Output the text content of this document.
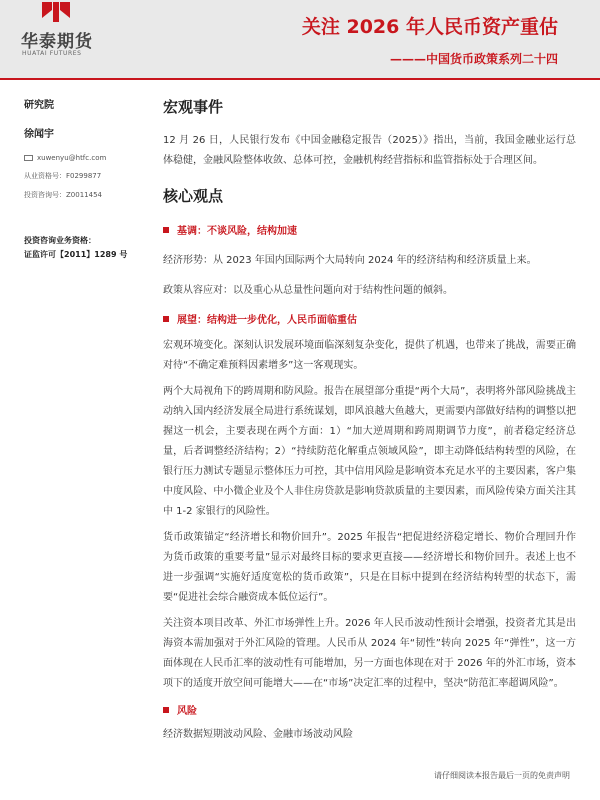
华泰期货
HUATAI FUTURES
关注 2026 年人民币资产重估
———中国货币政策系列二十四
研究院
徐闻宇
xuwenyu@htfc.com
从业资格号：F0299877
投资咨询号：Z0011454
投资咨询业务资格：
证监许可【2011】1289 号
宏观事件
12 月 26 日，人民银行发布《中国金融稳定报告（2025）》指出，当前，我国金融业运行总体稳健，金融风险整体收敛、总体可控，金融机构经营指标和监管指标处于合理区间。
核心观点
基调：不谈风险，结构加速
经济形势：从 2023 年国内国际两个大局转向 2024 年的经济结构和经济质量上来。
政策从容应对：以及重心从总量性问题向对于结构性问题的倾斜。
展望：结构进一步优化，人民币面临重估
宏观环境变化。深刻认识发展环境面临深刻复杂变化，提供了机遇，也带来了挑战，需要正确对待“不确定难预料因素增多”这一客观现实。
两个大局视角下的跨周期和防风险。报告在展望部分重提“两个大局”，表明将外部风险挑战主动纳入国内经济发展全局进行系统谋划，即风浪越大鱼越大，更需要内部做好结构的调整以把握这一机会，主要表现在两个方面：1）“加大逆周期和跨周期调节力度”，前者稳定经济总量，后者调整经济结构；2）“持续防范化解重点领域风险”，即主动降低结构转型的风险，在银行压力测试专题显示整体压力可控，其中信用风险是影响资本充足水平的主要因素，客户集中度风险、中小微企业及个人非住房贷款是影响贷款质量的主要因素，而风险传染方面关注其中 1-2 家银行的风险性。
货币政策锚定“经济增长和物价回升”。2025 年报告“把促进经济稳定增长、物价合理回升作为货币政策的重要考量”显示对最终目标的要求更直接——经济增长和物价回升。表述上也不进一步强调“实施好适度宽松的货币政策”，只是在目标中提到在经济结构转型的状态下，需要“促进社会综合融资成本低位运行”。
关注资本项目改革、外汇市场弹性上升。2026 年人民币波动性预计会增强，投资者尤其是出海资本需加强对于外汇风险的管理。人民币从 2024 年“韧性”转向 2025 年“弹性”，这一方面体现在人民币汇率的波动性有可能增加，另一方面也体现在对于 2026 年的外汇市场，资本项下的适度开放空间可能增大——在“市场”决定汇率的过程中，坚决“防范汇率超调风险”。
风险
经济数据短期波动风险、金融市场波动风险
请仔细阅读本报告最后一页的免责声明
